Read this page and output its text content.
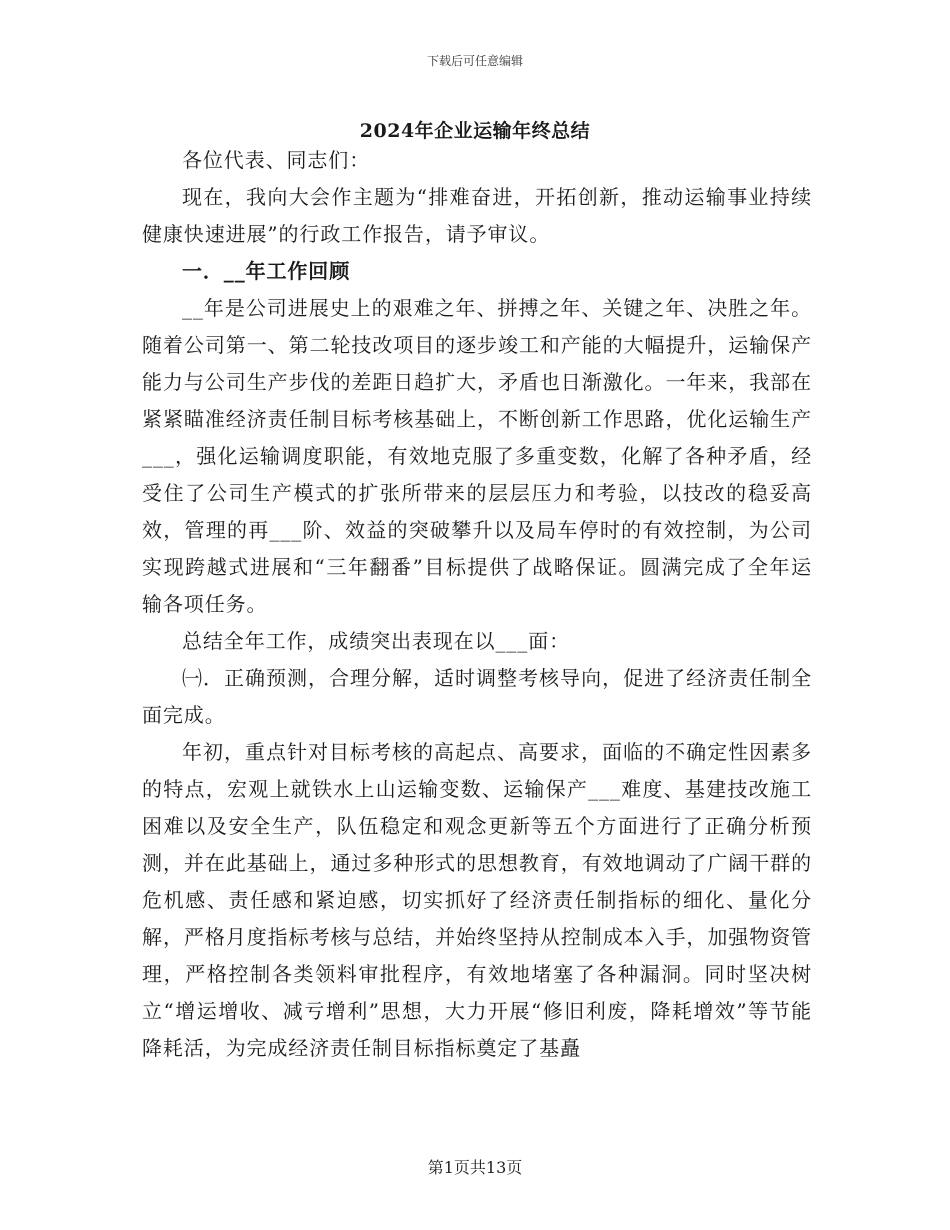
下载后可任意编辑
2024年企业运输年终总结

各位代表、同志们：

现在，我向大会作主题为“排难奋进，开拓创新，推动运输事业持续健康快速进展”的行政工作报告，请予审议。

一．__年工作回顾

__年是公司进展史上的艰难之年、拼搏之年、关键之年、决胜之年。随着公司第一、第二轮技改项目的逐步竣工和产能的大幅提升，运输保产能力与公司生产步伐的差距日趋扩大，矛盾也日渐激化。一年来，我部在紧紧瞄准经济责任制目标考核基础上，不断创新工作思路，优化运输生产___，强化运输调度职能，有效地克服了多重变数，化解了各种矛盾，经受住了公司生产模式的扩张所带来的层层压力和考验，以技改的稳妥高效，管理的再___阶、效益的突破攀升以及局车停时的有效控制，为公司实现跨越式进展和“三年翻番”目标提供了战略保证。圆满完成了全年运输各项任务。

总结全年工作，成绩突出表现在以___面：

㈠．正确预测，合理分解，适时调整考核导向，促进了经济责任制全面完成。

年初，重点针对目标考核的高起点、高要求，面临的不确定性因素多的特点，宏观上就铁水上山运输变数、运输保产___难度、基建技改施工困难以及安全生产，队伍稳定和观念更新等五个方面进行了正确分析预测，并在此基础上，通过多种形式的思想教育，有效地调动了广阔干群的危机感、责任感和紧迫感，切实抓好了经济责任制指标的细化、量化分解，严格月度指标考核与总结，并始终坚持从控制成本入手，加强物资管理，严格控制各类领料审批程序，有效地堵塞了各种漏洞。同时坚决树立“增运增收、减亏增利”思想，大力开展“修旧利废，降耗增效”等节能降耗活，为完成经济责任制目标指标奠定了基矗

第1页共13页
